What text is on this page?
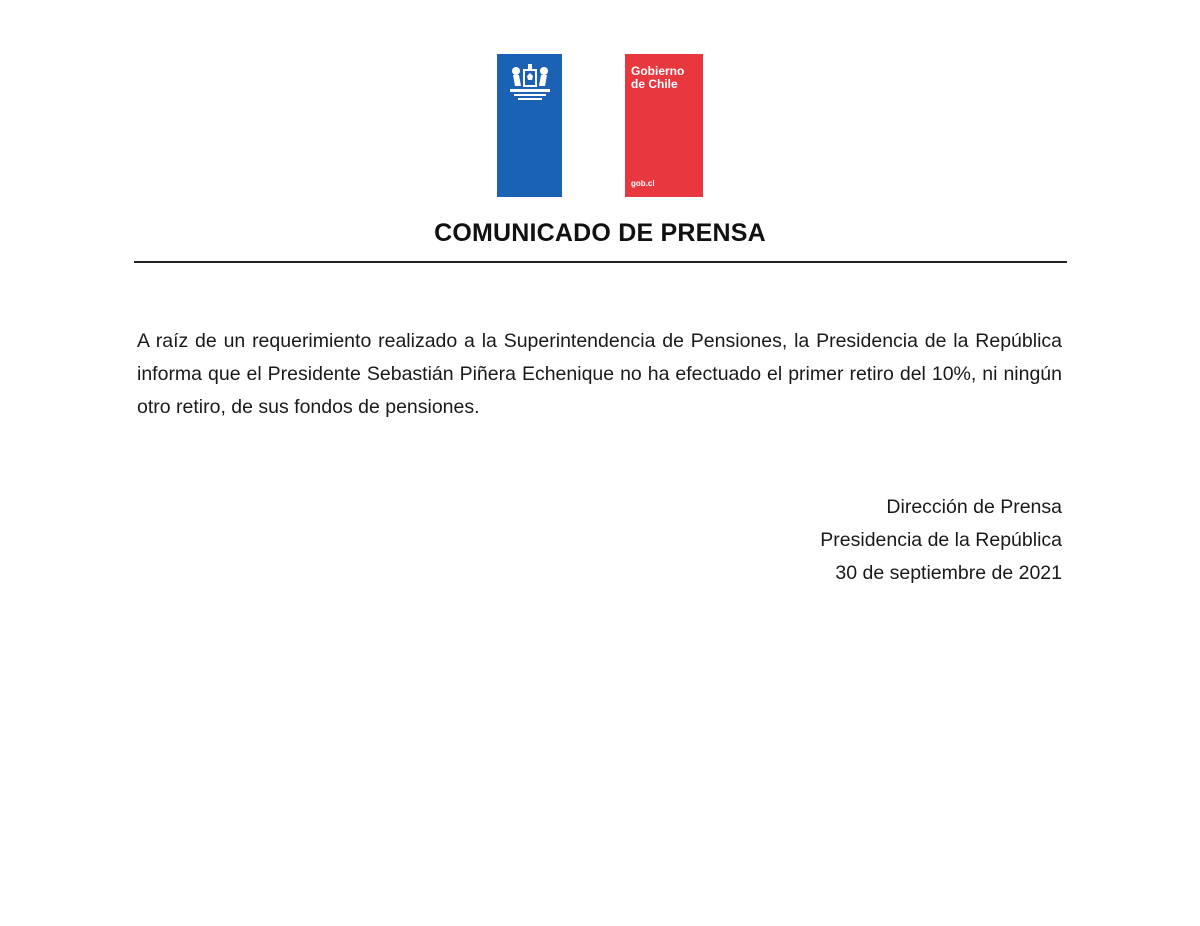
Gobierno
de Chile
gob.cl
COMUNICADO DE PRENSA
A raíz de un requerimiento realizado a la Superintendencia de Pensiones, la Presidencia de la República informa que el Presidente Sebastián Piñera Echenique no ha efectuado el primer retiro del 10%, ni ningún otro retiro, de sus fondos de pensiones.
Dirección de Prensa
Presidencia de la República
30 de septiembre de 2021
